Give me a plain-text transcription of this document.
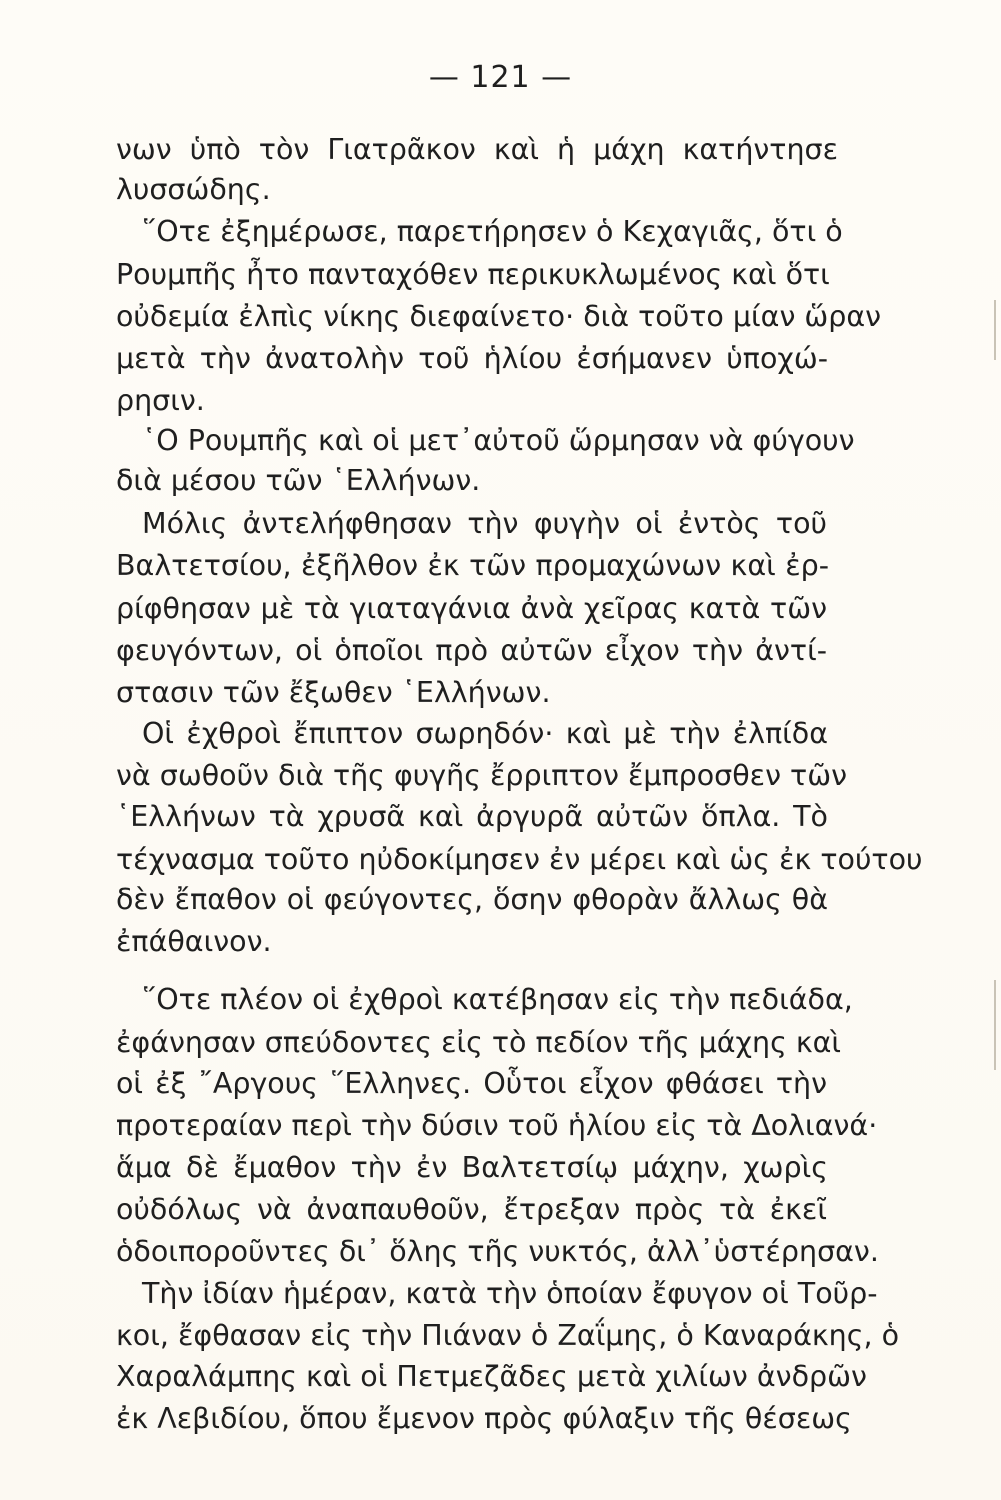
— 121 —
νων ὑπὸ τὸν Γιατρᾶκον καὶ ἡ μάχη κατήντησε
λυσσώδης.
῞Οτε ἐξημέρωσε, παρετήρησεν ὁ Κεχαγιᾶς, ὅτι ὁ
Ρουμπῆς ἦτο πανταχόθεν περικυκλωμένος καὶ ὅτι
οὐδεμία ἐλπὶς νίκης διεφαίνετο· διὰ τοῦτο μίαν ὥραν
μετὰ τὴν ἀνατολὴν τοῦ ἡλίου ἐσήμανεν ὑποχώ-
ρησιν.
῾Ο Ρουμπῆς καὶ οἱ μετ᾿αὐτοῦ ὥρμησαν νὰ φύγουν
διὰ μέσου τῶν ῾Ελλήνων.
Μόλις ἀντελήφθησαν τὴν φυγὴν οἱ ἐντὸς τοῦ
Βαλτετσίου, ἐξῆλθον ἐκ τῶν προμαχώνων καὶ ἐρ-
ρίφθησαν μὲ τὰ γιαταγάνια ἀνὰ χεῖρας κατὰ τῶν
φευγόντων, οἱ ὁποῖοι πρὸ αὐτῶν εἶχον τὴν ἀντί-
στασιν τῶν ἔξωθεν ῾Ελλήνων.
Οἱ ἐχθροὶ ἔπιπτον σωρηδόν· καὶ μὲ τὴν ἐλπίδα
νὰ σωθοῦν διὰ τῆς φυγῆς ἔρριπτον ἔμπροσθεν τῶν
῾Ελλήνων τὰ χρυσᾶ καὶ ἀργυρᾶ αὐτῶν ὅπλα. Τὸ
τέχνασμα τοῦτο ηὐδοκίμησεν ἐν μέρει καὶ ὡς ἐκ τούτου
δὲν ἔπαθον οἱ φεύγοντες, ὅσην φθορὰν ἄλλως θὰ
ἐπάθαινον.
῞Οτε πλέον οἱ ἐχθροὶ κατέβησαν εἰς τὴν πεδιάδα,
ἐφάνησαν σπεύδοντες εἰς τὸ πεδίον τῆς μάχης καὶ
οἱ ἐξ ῎Αργους ῞Ελληνες. Οὗτοι εἶχον φθάσει τὴν
προτεραίαν περὶ τὴν δύσιν τοῦ ἡλίου εἰς τὰ Δολιανά·
ἅμα δὲ ἔμαθον τὴν ἐν Βαλτετσίῳ μάχην, χωρὶς
οὐδόλως νὰ ἀναπαυθοῦν, ἔτρεξαν πρὸς τὰ ἐκεῖ
ὁδοιποροῦντες δι᾿ ὅλης τῆς νυκτός, ἀλλ᾿ὑστέρησαν.
Τὴν ἰδίαν ἡμέραν, κατὰ τὴν ὁποίαν ἔφυγον οἱ Τοῦρ-
κοι, ἔφθασαν εἰς τὴν Πιάναν ὁ Ζαΐμης, ὁ Καναράκης, ὁ
Χαραλάμπης καὶ οἱ Πετμεζᾶδες μετὰ χιλίων ἀνδρῶν
ἐκ Λεβιδίου, ὅπου ἔμενον πρὸς φύλαξιν τῆς θέσεως
